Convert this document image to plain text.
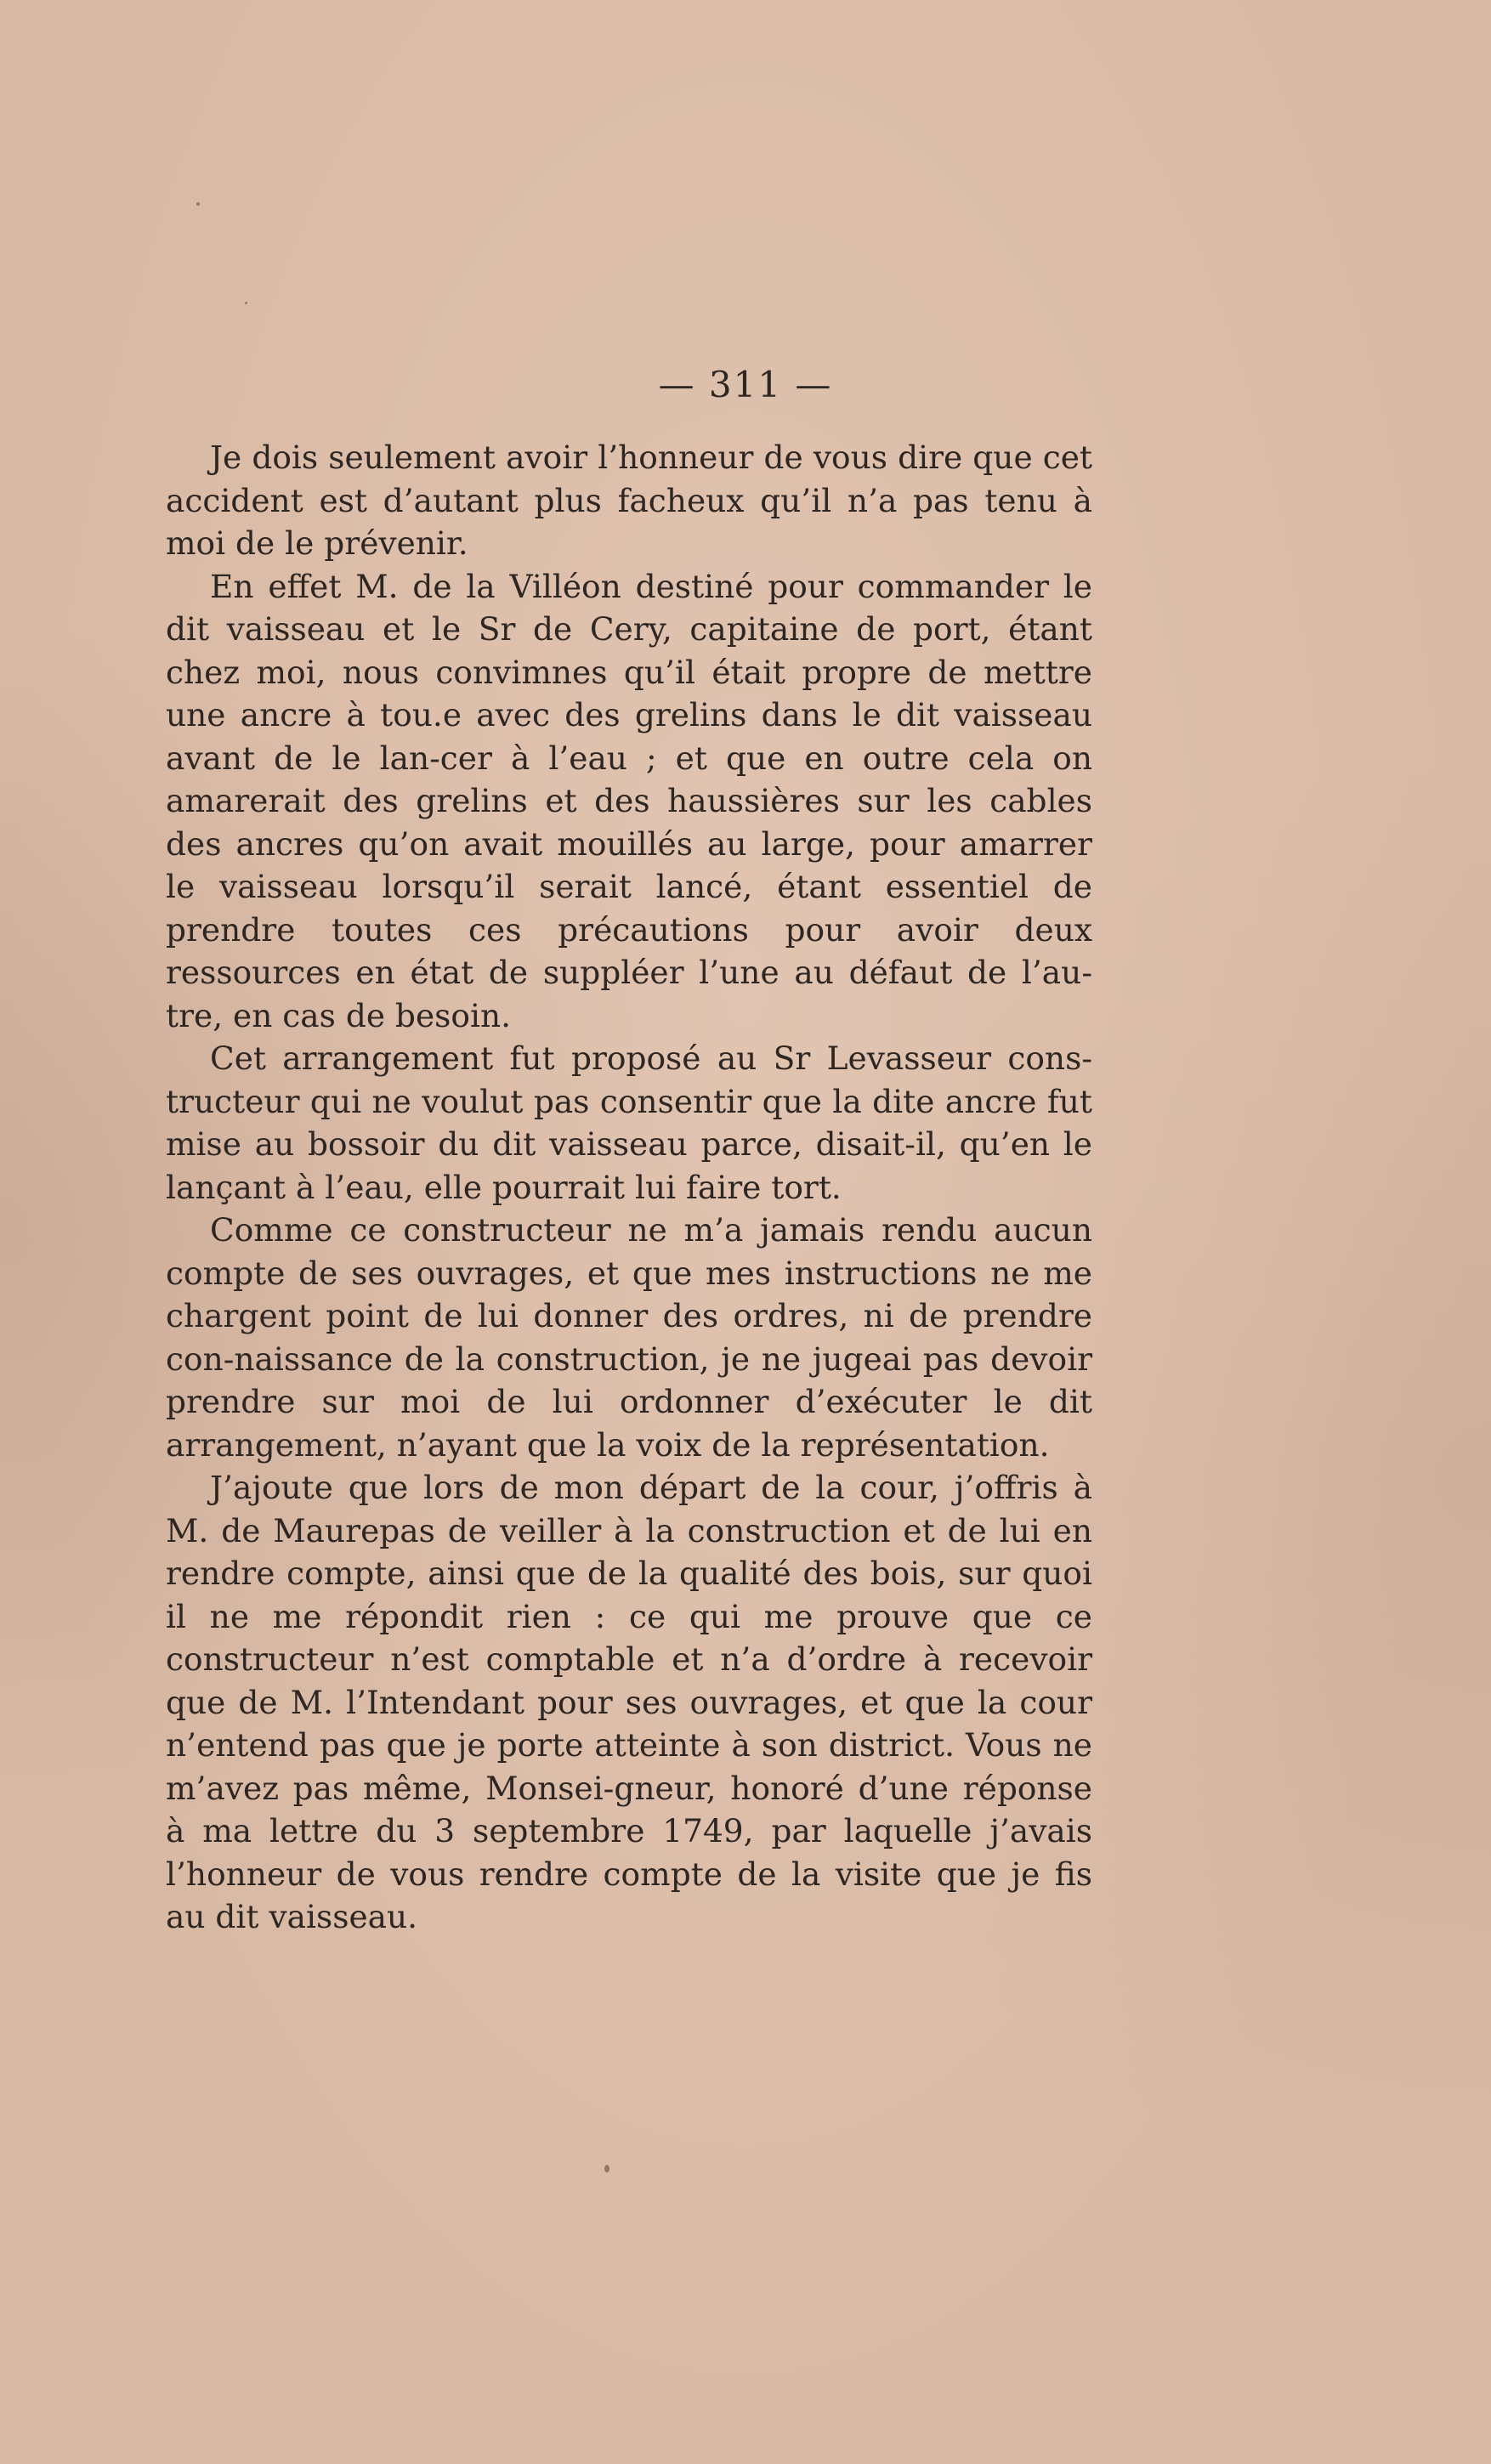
— 311 —

Je dois seulement avoir l’honneur de vous dire que cet accident est d’autant plus facheux qu’il n’a pas tenu à moi de le prévenir.

En effet M. de la Villéon destiné pour commander le dit vaisseau et le Sr de Cery, capitaine de port, étant chez moi, nous convimnes qu’il était propre de mettre une ancre à tou.e avec des grelins dans le dit vaisseau avant de le lan-cer à l’eau ; et que en outre cela on amarerait des grelins et des haussières sur les cables des ancres qu’on avait mouillés au large, pour amarrer le vaisseau lorsqu’il serait lancé, étant essentiel de prendre toutes ces précautions pour avoir deux ressources en état de suppléer l’une au défaut de l’au-tre, en cas de besoin.

Cet arrangement fut proposé au Sr Levasseur cons-tructeur qui ne voulut pas consentir que la dite ancre fut mise au bossoir du dit vaisseau parce, disait-il, qu’en le lançant à l’eau, elle pourrait lui faire tort.

Comme ce constructeur ne m’a jamais rendu aucun compte de ses ouvrages, et que mes instructions ne me chargent point de lui donner des ordres, ni de prendre con-naissance de la construction, je ne jugeai pas devoir prendre sur moi de lui ordonner d’exécuter le dit arrangement, n’ayant que la voix de la représentation.

J’ajoute que lors de mon départ de la cour, j’offris à M. de Maurepas de veiller à la construction et de lui en rendre compte, ainsi que de la qualité des bois, sur quoi il ne me répondit rien : ce qui me prouve que ce constructeur n’est comptable et n’a d’ordre à recevoir que de M. l’Intendant pour ses ouvrages, et que la cour n’entend pas que je porte atteinte à son district. Vous ne m’avez pas même, Monsei-gneur, honoré d’une réponse à ma lettre du 3 septembre 1749, par laquelle j’avais l’honneur de vous rendre compte de la visite que je fis au dit vaisseau.
